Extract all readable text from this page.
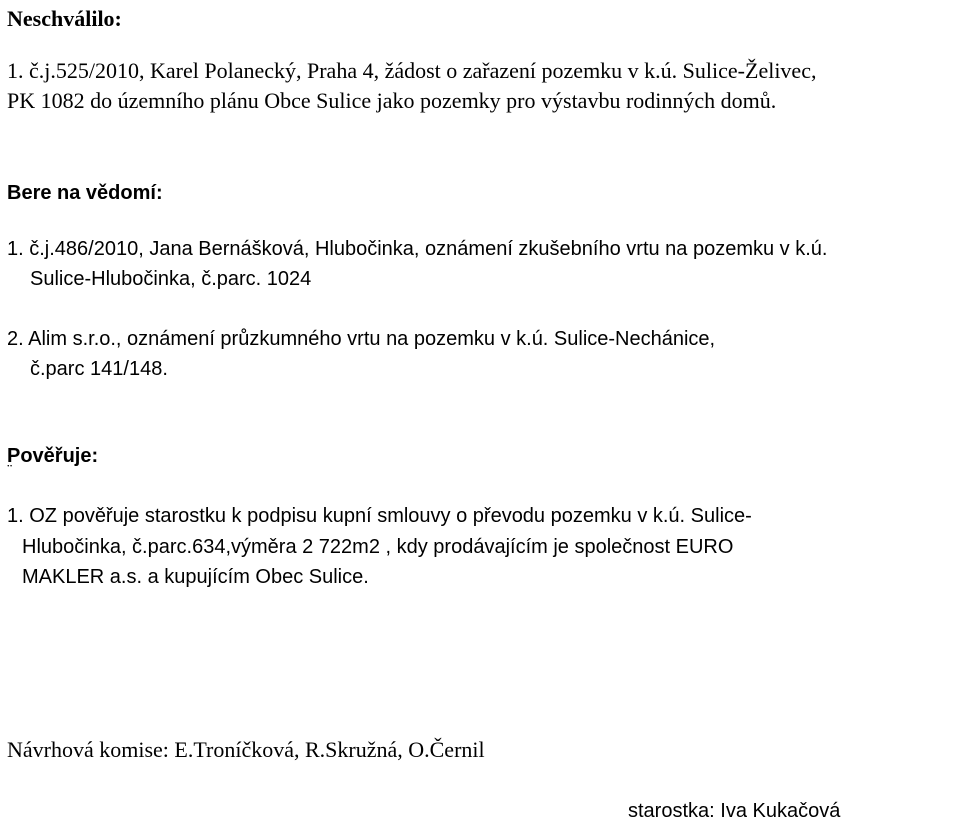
Neschválilo:
1. č.j.525/2010, Karel Polanecký, Praha 4, žádost o zařazení pozemku v k.ú. Sulice-Želivec,
PK 1082 do územního plánu Obce Sulice jako pozemky pro výstavbu rodinných domů.
Bere na vědomí:
1. č.j.486/2010, Jana Bernášková, Hlubočinka, oznámení zkušebního vrtu na pozemku v k.ú.
Sulice-Hlubočinka, č.parc. 1024
2. Alim s.r.o., oznámení průzkumného vrtu na pozemku v k.ú. Sulice-Nechánice,
č.parc 141/148.
Pověřuje:
¨
1. OZ pověřuje starostku k podpisu kupní smlouvy o převodu pozemku v k.ú. Sulice-
Hlubočinka, č.parc.634,výměra 2 722m2 , kdy prodávajícím je společnost EURO
MAKLER a.s. a kupujícím Obec Sulice.
Návrhová komise: E.Troníčková, R.Skružná, O.Černil
starostka: Iva Kukačová
